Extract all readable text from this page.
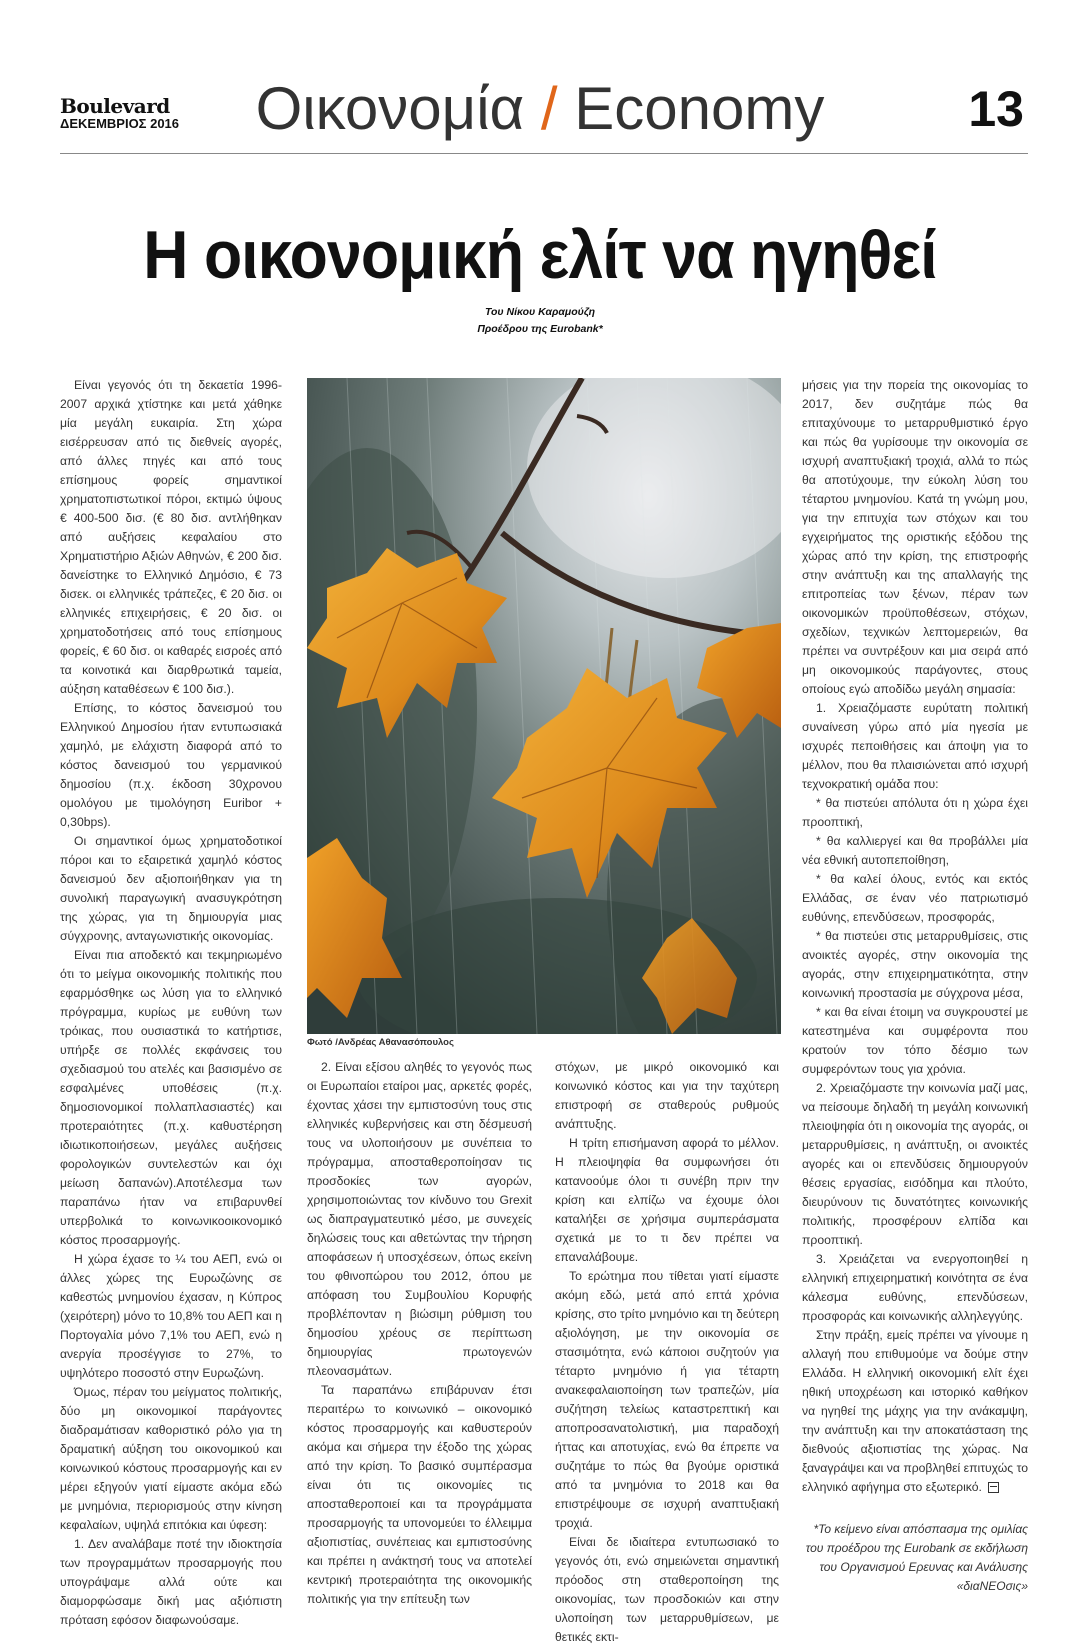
Boulevard
ΔΕΚΕΜΒΡΙΟΣ 2016	Οικονομία / Economy	13
Η οικονομική ελίτ να ηγηθεί
Του Νίκου Καραμούζη
Προέδρου της Eurobank*

Είναι γεγονός ότι τη δεκαετία 1996-2007 αρχικά χτίστηκε και μετά χάθηκε μία μεγάλη ευκαιρία. Στη χώρα εισέρρευσαν από τις διεθνείς αγορές, από άλλες πηγές και από τους επίσημους φορείς σημαντικοί χρηματοπιστωτικοί πόροι, εκτιμώ ύψους € 400-500 δισ. (€ 80 δισ. αντλήθηκαν από αυξήσεις κεφαλαίου στο Χρηματιστήριο Αξιών Αθηνών, € 200 δισ. δανείστηκε το Ελληνικό Δημόσιο, € 73 δισεκ. οι ελληνικές τράπεζες, € 20 δισ. οι ελληνικές επιχειρήσεις, € 20 δισ. οι χρηματοδοτήσεις από τους επίσημους φορείς, € 60 δισ. οι καθαρές εισροές από τα κοινοτικά και διαρθρωτικά ταμεία, αύξηση καταθέσεων € 100 δισ.).

Επίσης, το κόστος δανεισμού του Ελληνικού Δημοσίου ήταν εντυπωσιακά χαμηλό, με ελάχιστη διαφορά από το κόστος δανεισμού του γερμανικού δημοσίου (π.χ. έκδοση 30χρονου ομολόγου με τιμολόγηση Euribor + 0,30bps).

Οι σημαντικοί όμως χρηματοδοτικοί πόροι και το εξαιρετικά χαμηλό κόστος δανεισμού δεν αξιοποιήθηκαν για τη συνολική παραγωγική ανασυγκρότηση της χώρας, για τη δημιουργία μιας σύγχρονης, ανταγωνιστικής οικονομίας.

Είναι πια αποδεκτό και τεκμηριωμένο ότι το μείγμα οικονομικής πολιτικής που εφαρμόσθηκε ως λύση για το ελληνικό πρόγραμμα, κυρίως με ευθύνη των τρόικας, που ουσιαστικά το κατήρτισε, υπήρξε σε πολλές εκφάνσεις του σχεδιασμού του ατελές και βασισμένο σε εσφαλμένες υποθέσεις (π.χ. δημοσιονομικοί πολλαπλασιαστές) και προτεραιότητες (π.χ. καθυστέρηση ιδιωτικοποιήσεων, μεγάλες αυξήσεις φορολογικών συντελεστών και όχι μείωση δαπανών).Αποτέλεσμα των παραπάνω ήταν να επιβαρυνθεί υπερβολικά το κοινωνικοοικονομικό κόστος προσαρμογής.

Η χώρα έχασε το ¼ του ΑΕΠ, ενώ οι άλλες χώρες της Ευρωζώνης σε καθεστώς μνημονίου έχασαν, η Κύπρος (χειρότερη) μόνο το 10,8% του ΑΕΠ και η Πορτογαλία μόνο 7,1% του ΑΕΠ, ενώ η ανεργία προσέγγισε το 27%, το υψηλότερο ποσοστό στην Ευρωζώνη.

Όμως, πέραν του μείγματος πολιτικής, δύο μη οικονομικοί παράγοντες διαδραμάτισαν καθοριστικό ρόλο για τη δραματική αύξηση του οικονομικού και κοινωνικού κόστους προσαρμογής και εν μέρει εξηγούν γιατί είμαστε ακόμα εδώ με μνημόνια, περιορισμούς στην κίνηση κεφαλαίων, υψηλά επιτόκια και ύφεση:

1. Δεν αναλάβαμε ποτέ την ιδιοκτησία των προγραμμάτων προσαρμογής που υπογράψαμε αλλά ούτε και διαμορφώσαμε δική μας αξιόπιστη πρόταση εφόσον διαφωνούσαμε.

Φωτό /Ανδρέας Αθανασόπουλος

2. Είναι εξίσου αληθές το γεγονός πως οι Ευρωπαίοι εταίροι μας, αρκετές φορές, έχοντας χάσει την εμπιστοσύνη τους στις ελληνικές κυβερνήσεις και στη δέσμευσή τους να υλοποιήσουν με συνέπεια το πρόγραμμα, αποσταθεροποίησαν τις προσδοκίες των αγορών, χρησιμοποιώντας τον κίνδυνο του Grexit ως διαπραγματευτικό μέσο, με συνεχείς δηλώσεις τους και αθετώντας την τήρηση αποφάσεων ή υποσχέσεων, όπως εκείνη του φθινοπώρου του 2012, όπου με απόφαση του Συμβουλίου Κορυφής προβλέπονταν η βιώσιμη ρύθμιση του δημοσίου χρέους σε περίπτωση δημιουργίας πρωτογενών πλεονασμάτων.

Τα παραπάνω επιβάρυναν έτσι περαιτέρω το κοινωνικό – οικονομικό κόστος προσαρμογής και καθυστερούν ακόμα και σήμερα την έξοδο της χώρας από την κρίση. Το βασικό συμπέρασμα είναι ότι τις οικονομίες τις αποσταθεροποιεί και τα προγράμματα προσαρμογής τα υπονομεύει το έλλειμμα αξιοπιστίας, συνέπειας και εμπιστοσύνης και πρέπει η ανάκτησή τους να αποτελεί κεντρική προτεραιότητα της οικονομικής πολιτικής για την επίτευξη των

στόχων, με μικρό οικονομικό και κοινωνικό κόστος και για την ταχύτερη επιστροφή σε σταθερούς ρυθμούς ανάπτυξης.

Η τρίτη επισήμανση αφορά το μέλλον. Η πλειοψηφία θα συμφωνήσει ότι κατανοούμε όλοι τι συνέβη πριν την κρίση και ελπίζω να έχουμε όλοι καταλήξει σε χρήσιμα συμπεράσματα σχετικά με το τι δεν πρέπει να επαναλάβουμε.

Το ερώτημα που τίθεται γιατί είμαστε ακόμη εδώ, μετά από επτά χρόνια κρίσης, στο τρίτο μνημόνιο και τη δεύτερη αξιολόγηση, με την οικονομία σε στασιμότητα, ενώ κάποιοι συζητούν για τέταρτο μνημόνιο ή για τέταρτη ανακεφαλαιοποίηση των τραπεζών, μία συζήτηση τελείως καταστρεπτική και αποπροσανατολιστική, μια παραδοχή ήττας και αποτυχίας, ενώ θα έπρεπε να συζητάμε το πώς θα βγούμε οριστικά από τα μνημόνια το 2018 και θα επιστρέψουμε σε ισχυρή αναπτυξιακή τροχιά.

Είναι δε ιδιαίτερα εντυπωσιακό το γεγονός ότι, ενώ σημειώνεται σημαντική πρόοδος στη σταθεροποίηση της οικονομίας, των προσδοκιών και στην υλοποίηση των μεταρρυθμίσεων, με θετικές εκτι-

μήσεις για την πορεία της οικονομίας το 2017, δεν συζητάμε πώς θα επιταχύνουμε το μεταρρυθμιστικό έργο και πώς θα γυρίσουμε την οικονομία σε ισχυρή αναπτυξιακή τροχιά, αλλά το πώς θα αποτύχουμε, την εύκολη λύση του τέταρτου μνημονίου. Κατά τη γνώμη μου, για την επιτυχία των στόχων και του εγχειρήματος της οριστικής εξόδου της χώρας από την κρίση, της επιστροφής στην ανάπτυξη και της απαλλαγής της επιτροπείας των ξένων, πέραν των οικονομικών προϋποθέσεων, στόχων, σχεδίων, τεχνικών λεπτομερειών, θα πρέπει να συντρέξουν και μια σειρά από μη οικονομικούς παράγοντες, στους οποίους εγώ αποδίδω μεγάλη σημασία:

1. Χρειαζόμαστε ευρύτατη πολιτική συναίνεση γύρω από μία ηγεσία με ισχυρές πεποιθήσεις και άποψη για το μέλλον, που θα πλαισιώνεται από ισχυρή τεχνοκρατική ομάδα που:

* θα πιστεύει απόλυτα ότι η χώρα έχει προοπτική,

* θα καλλιεργεί και θα προβάλλει μία νέα εθνική αυτοπεποίθηση,

* θα καλεί όλους, εντός και εκτός Ελλάδας, σε έναν νέο πατριωτισμό ευθύνης, επενδύσεων, προσφοράς,

* θα πιστεύει στις μεταρρυθμίσεις, στις ανοικτές αγορές, στην οικονομία της αγοράς, στην επιχειρηματικότητα, στην κοινωνική προστασία με σύγχρονα μέσα,

* και θα είναι έτοιμη να συγκρουστεί με κατεστημένα και συμφέροντα που κρατούν τον τόπο δέσμιο των συμφερόντων τους για χρόνια.

2. Χρειαζόμαστε την κοινωνία μαζί μας, να πείσουμε δηλαδή τη μεγάλη κοινωνική πλειοψηφία ότι η οικονομία της αγοράς, οι μεταρρυθμίσεις, η ανάπτυξη, οι ανοικτές αγορές και οι επενδύσεις δημιουργούν θέσεις εργασίας, εισόδημα και πλούτο, διευρύνουν τις δυνατότητες κοινωνικής πολιτικής, προσφέρουν ελπίδα και προοπτική.

3. Χρειάζεται να ενεργοποιηθεί η ελληνική επιχειρηματική κοινότητα σε ένα κάλεσμα ευθύνης, επενδύσεων, προσφοράς και κοινωνικής αλληλεγγύης.

Στην πράξη, εμείς πρέπει να γίνουμε η αλλαγή που επιθυμούμε να δούμε στην Ελλάδα. Η ελληνική οικονομική ελίτ έχει ηθική υποχρέωση και ιστορικό καθήκον να ηγηθεί της μάχης για την ανάκαμψη, την ανάπτυξη και την αποκατάσταση της διεθνούς αξιοπιστίας της χώρας. Να ξαναγράψει και να προβληθεί επιτυχώς το ελληνικό αφήγημα στο εξωτερικό.

*Το κείμενο είναι απόσπασμα της ομιλίας του προέδρου της Eurobank σε εκδήλωση του Οργανισμού Ερευνας και Ανάλυσης «διαΝΕΟσις»
